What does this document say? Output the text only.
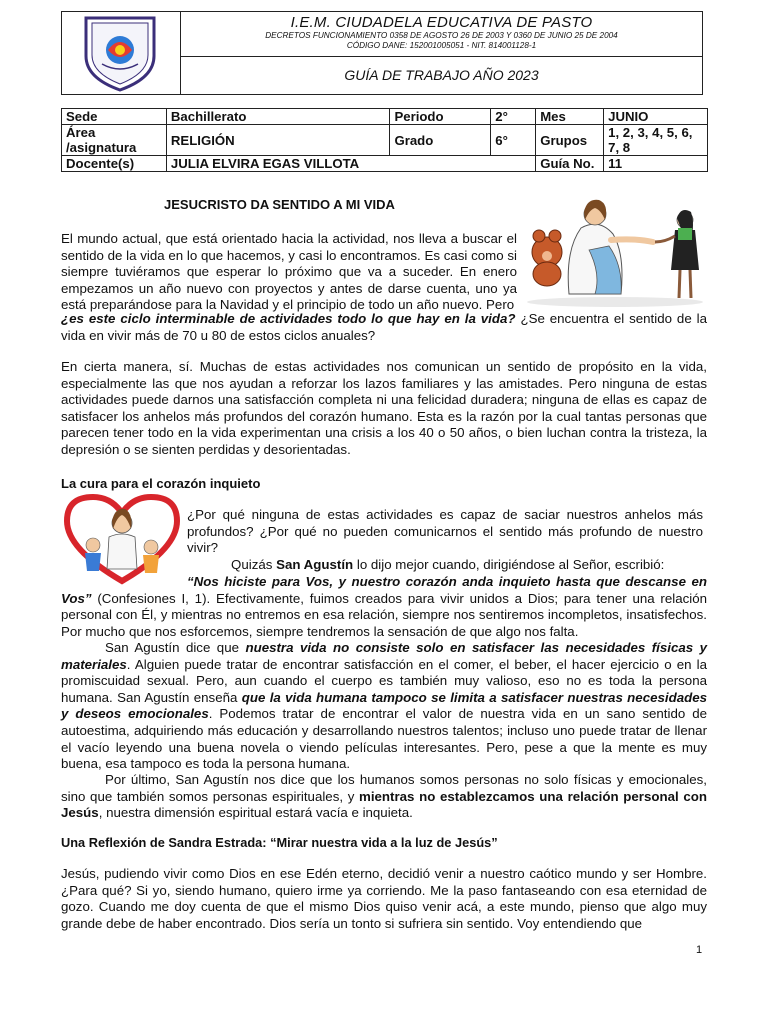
I.E.M. CIUDADELA EDUCATIVA DE PASTO
DECRETOS FUNCIONAMIENTO 0358 DE AGOSTO 26 DE 2003 Y 0360 DE JUNIO 25 DE 2004
CÓDIGO DANE: 152001005051 - NIT. 814001128-1
GUÍA DE TRABAJO AÑO 2023
Sede	Bachillerato	Periodo	2°	Mes	JUNIO
Área /asignatura	RELIGIÓN	Grado	6°	Grupos	1, 2, 3, 4, 5, 6, 7, 8
Docente(s)	JULIA ELVIRA EGAS VILLOTA			Guía No.	11
JESUCRISTO DA SENTIDO A MI VIDA

El mundo actual, que está orientado hacia la actividad, nos lleva a buscar el sentido de la vida en lo que hacemos, y casi lo encontramos. Es casi como si siempre tuviéramos que esperar lo próximo que va a suceder. En enero empezamos un año nuevo con proyectos y antes de darse cuenta, uno ya está preparándose para la Navidad y el principio de todo un año nuevo. Pero

¿es este ciclo interminable de actividades todo lo que hay en la vida? ¿Se encuentra el sentido de la vida en vivir más de 70 u 80 de estos ciclos anuales?

En cierta manera, sí. Muchas de estas actividades nos comunican un sentido de propósito en la vida, especialmente las que nos ayudan a reforzar los lazos familiares y las amistades. Pero ninguna de estas actividades puede darnos una satisfacción completa ni una felicidad duradera; ninguna de ellas es capaz de satisfacer los anhelos más profundos del corazón humano. Esta es la razón por la cual tantas personas que parecen tener todo en la vida experimentan una crisis a los 40 o 50 años, o bien luchan contra la tristeza, la depresión o se sienten perdidas y desorientadas.

La cura para el corazón inquieto

¿Por qué ninguna de estas actividades es capaz de saciar nuestros anhelos más profundos? ¿Por qué no pueden comunicarnos el sentido más profundo de nuestro vivir?

Quizás San Agustín lo dijo mejor cuando, dirigiéndose al Señor, escribió:

“Nos hiciste para Vos, y nuestro corazón anda inquieto hasta que descanse en Vos” (Confesiones I, 1). Efectivamente, fuimos creados para vivir unidos a Dios; para tener una relación personal con Él, y mientras no entremos en esa relación, siempre nos sentiremos incompletos, insatisfechos. Por mucho que nos esforcemos, siempre tendremos la sensación de que algo nos falta.

San Agustín dice que nuestra vida no consiste solo en satisfacer las necesidades físicas y materiales. Alguien puede tratar de encontrar satisfacción en el comer, el beber, el hacer ejercicio o en la promiscuidad sexual. Pero, aun cuando el cuerpo es también muy valioso, eso no es toda la persona humana. San Agustín enseña que la vida humana tampoco se limita a satisfacer nuestras necesidades y deseos emocionales. Podemos tratar de encontrar el valor de nuestra vida en un sano sentido de autoestima, adquiriendo más educación y desarrollando nuestros talentos; incluso uno puede tratar de llenar el vacío leyendo una buena novela o viendo películas interesantes. Pero, pese a que la mente es muy buena, esa tampoco es toda la persona humana.

Por último, San Agustín nos dice que los humanos somos personas no solo físicas y emocionales, sino que también somos personas espirituales, y mientras no establezcamos una relación personal con Jesús, nuestra dimensión espiritual estará vacía e inquieta.

Una Reflexión de Sandra Estrada: “Mirar nuestra vida a la luz de Jesús”

Jesús, pudiendo vivir como Dios en ese Edén eterno, decidió venir a nuestro caótico mundo y ser Hombre. ¿Para qué? Si yo, siendo humano, quiero irme ya corriendo. Me la paso fantaseando con esa eternidad de gozo. Cuando me doy cuenta de que el mismo Dios quiso venir acá, a este mundo, pienso que algo muy grande debe de haber encontrado. Dios sería un tonto si sufriera sin sentido. Voy entendiendo que

1
